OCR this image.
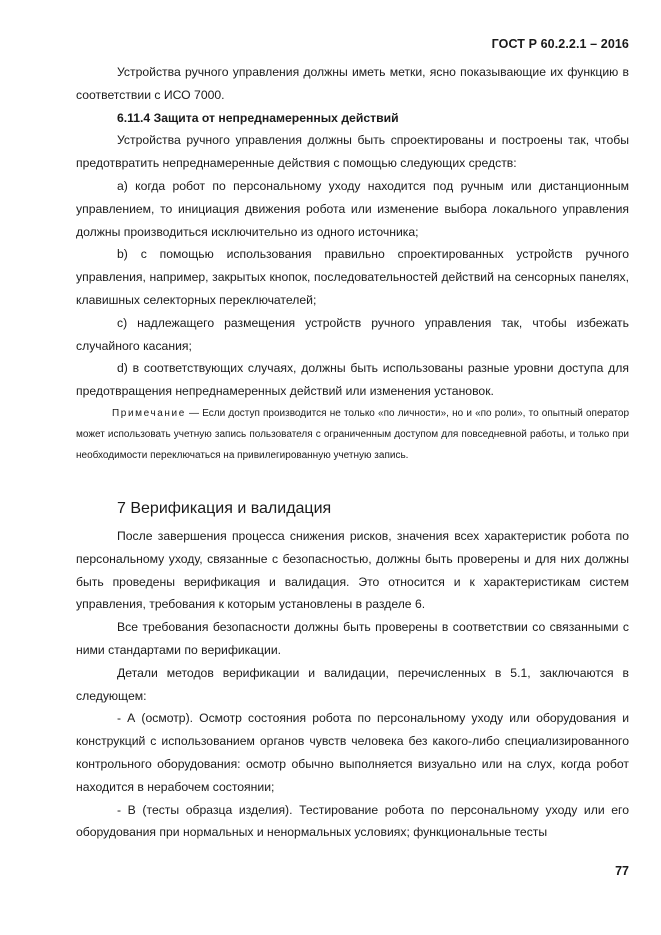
ГОСТ Р 60.2.2.1 – 2016

Устройства ручного управления должны иметь метки, ясно показывающие их функцию в соответствии с ИСО 7000.

6.11.4 Защита от непреднамеренных действий

Устройства ручного управления должны быть спроектированы и построены так, чтобы предотвратить непреднамеренные действия с помощью следующих средств:

a) когда робот по персональному уходу находится под ручным или дистанционным управлением, то инициация движения робота или изменение выбора локального управления должны производиться исключительно из одного источника;

b) с помощью использования правильно спроектированных устройств ручного управления, например, закрытых кнопок, последовательностей действий на сенсорных панелях, клавишных селекторных переключателей;

c) надлежащего размещения устройств ручного управления так, чтобы избежать случайного касания;

d) в соответствующих случаях, должны быть использованы разные уровни доступа для предотвращения непреднамеренных действий или изменения установок.

Примечание — Если доступ производится не только «по личности», но и «по роли», то опытный оператор может использовать учетную запись пользователя с ограниченным доступом для повседневной работы, и только при необходимости переключаться на привилегированную учетную запись.

7 Верификация и валидация

После завершения процесса снижения рисков, значения всех характеристик робота по персональному уходу, связанные с безопасностью, должны быть проверены и для них должны быть проведены верификация и валидация. Это относится и к характеристикам систем управления, требования к которым установлены в разделе 6.

Все требования безопасности должны быть проверены в соответствии со связанными с ними стандартами по верификации.

Детали методов верификации и валидации, перечисленных в 5.1, заключаются в следующем:

- А (осмотр). Осмотр состояния робота по персональному уходу или оборудования и конструкций с использованием органов чувств человека без какого-либо специализированного контрольного оборудования: осмотр обычно выполняется визуально или на слух, когда робот находится в нерабочем состоянии;

- В (тесты образца изделия). Тестирование робота по персональному уходу или его оборудования при нормальных и ненормальных условиях; функциональные тесты

77
